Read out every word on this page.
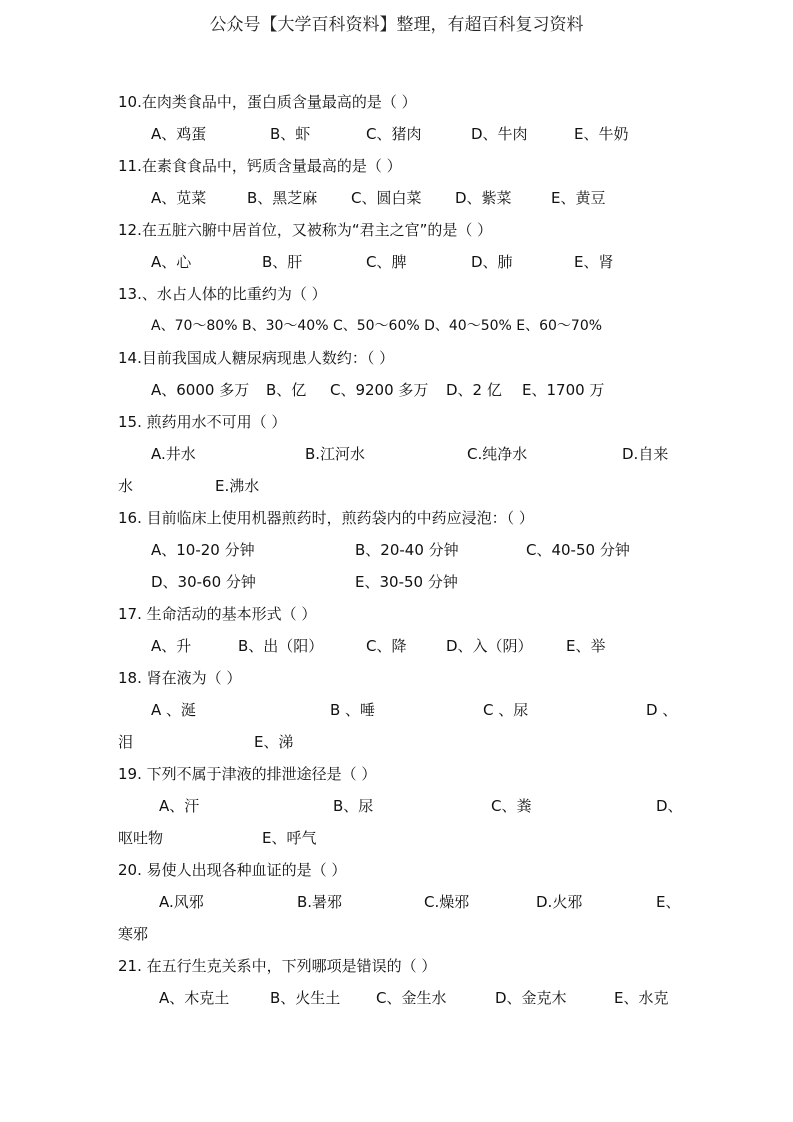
公众号【大学百科资料】整理，有超百科复习资料
10.在肉类食品中，蛋白质含量最高的是（ ）
A、鸡蛋	B、虾	C、猪肉	D、牛肉	E、牛奶
11.在素食食品中，钙质含量最高的是（ ）
A、苋菜	B、黑芝麻 C、圆白菜 D、紫菜	E、黄豆
12.在五脏六腑中居首位，又被称为“君主之官”的是（ ）
A、心	B、肝	C、脾	D、肺	E、肾
13.、水占人体的比重约为（ ）
A、70～80% B、30～40% C、50～60% D、40～50% E、60～70%
14.目前我国成人糖尿病现患人数约：（ ）
A、6000 多万 B、亿 C、9200 多万 D、2 亿 E、1700 万
15. 煎药用水不可用（ ）
A.井水	B.江河水	C.纯净水	D.自来
水	E.沸水
16. 目前临床上使用机器煎药时，煎药袋内的中药应浸泡：（ ）
A、10-20 分钟	B、20-40 分钟	C、40-50 分钟
D、30-60 分钟	E、30-50 分钟
17. 生命活动的基本形式（ ）
A、升	B、出（阳）	C、降	D、入（阴） E、举
18. 肾在液为（ ）
A 、涎	B 、唾	C 、尿	D 、
泪	E、涕
19. 下列不属于津液的排泄途径是（ ）
A、汗	B、尿	C、粪	D、
呕吐物	E、呼气
20. 易使人出现各种血证的是（ ）
A.风邪	B.暑邪	C.燥邪	D.火邪	E、
寒邪
21. 在五行生克关系中，下列哪项是错误的（ ）
A、木克土	B、火生土 C、金生水	D、金克木	E、水克
